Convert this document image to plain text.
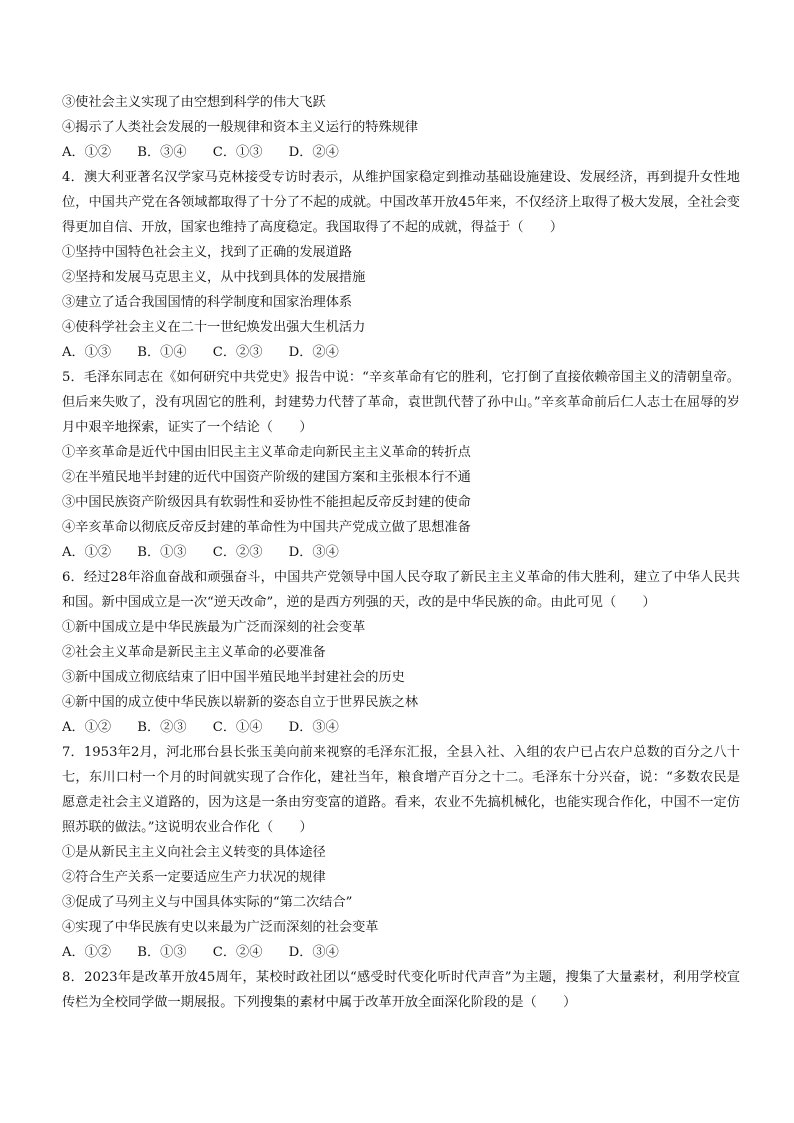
③使社会主义实现了由空想到科学的伟大飞跃
④揭示了人类社会发展的一般规律和资本主义运行的特殊规律
A．①② B．③④ C．①③ D．②④
4．澳大利亚著名汉学家马克林接受专访时表示，从维护国家稳定到推动基础设施建设、发展经济，再到提升女性地位，中国共产党在各领域都取得了十分了不起的成就。中国改革开放45年来，不仅经济上取得了极大发展，全社会变得更加自信、开放，国家也维持了高度稳定。我国取得了不起的成就，得益于（　　）
①坚持中国特色社会主义，找到了正确的发展道路
②坚持和发展马克思主义，从中找到具体的发展措施
③建立了适合我国国情的科学制度和国家治理体系
④使科学社会主义在二十一世纪焕发出强大生机活力
A．①③ B．①④ C．②③ D．②④
5．毛泽东同志在《如何研究中共党史》报告中说：“辛亥革命有它的胜利，它打倒了直接依赖帝国主义的清朝皇帝。但后来失败了，没有巩固它的胜利，封建势力代替了革命，袁世凯代替了孙中山。”辛亥革命前后仁人志士在屈辱的岁月中艰辛地探索，证实了一个结论（　　）
①辛亥革命是近代中国由旧民主主义革命走向新民主主义革命的转折点
②在半殖民地半封建的近代中国资产阶级的建国方案和主张根本行不通
③中国民族资产阶级因具有软弱性和妥协性不能担起反帝反封建的使命
④辛亥革命以彻底反帝反封建的革命性为中国共产党成立做了思想准备
A．①② B．①③ C．②③ D．③④
6．经过28年浴血奋战和顽强奋斗，中国共产党领导中国人民夺取了新民主主义革命的伟大胜利，建立了中华人民共和国。新中国成立是一次“逆天改命”，逆的是西方列强的天，改的是中华民族的命。由此可见（　　）
①新中国成立是中华民族最为广泛而深刻的社会变革
②社会主义革命是新民主主义革命的必要准备
③新中国成立彻底结束了旧中国半殖民地半封建社会的历史
④新中国的成立使中华民族以崭新的姿态自立于世界民族之林
A．①② B．②③ C．①④ D．③④
7．1953年2月，河北邢台县长张玉美向前来视察的毛泽东汇报，全县入社、入组的农户已占农户总数的百分之八十七，东川口村一个月的时间就实现了合作化，建社当年，粮食增产百分之十二。毛泽东十分兴奋，说：“多数农民是愿意走社会主义道路的，因为这是一条由穷变富的道路。看来，农业不先搞机械化，也能实现合作化，中国不一定仿照苏联的做法。”这说明农业合作化（　　）
①是从新民主主义向社会主义转变的具体途径
②符合生产关系一定要适应生产力状况的规律
③促成了马列主义与中国具体实际的“第二次结合”
④实现了中华民族有史以来最为广泛而深刻的社会变革
A．①② B．①③ C．②④ D．③④
8．2023年是改革开放45周年，某校时政社团以“感受时代变化听时代声音”为主题，搜集了大量素材，利用学校宣传栏为全校同学做一期展报。下列搜集的素材中属于改革开放全面深化阶段的是（　　）
